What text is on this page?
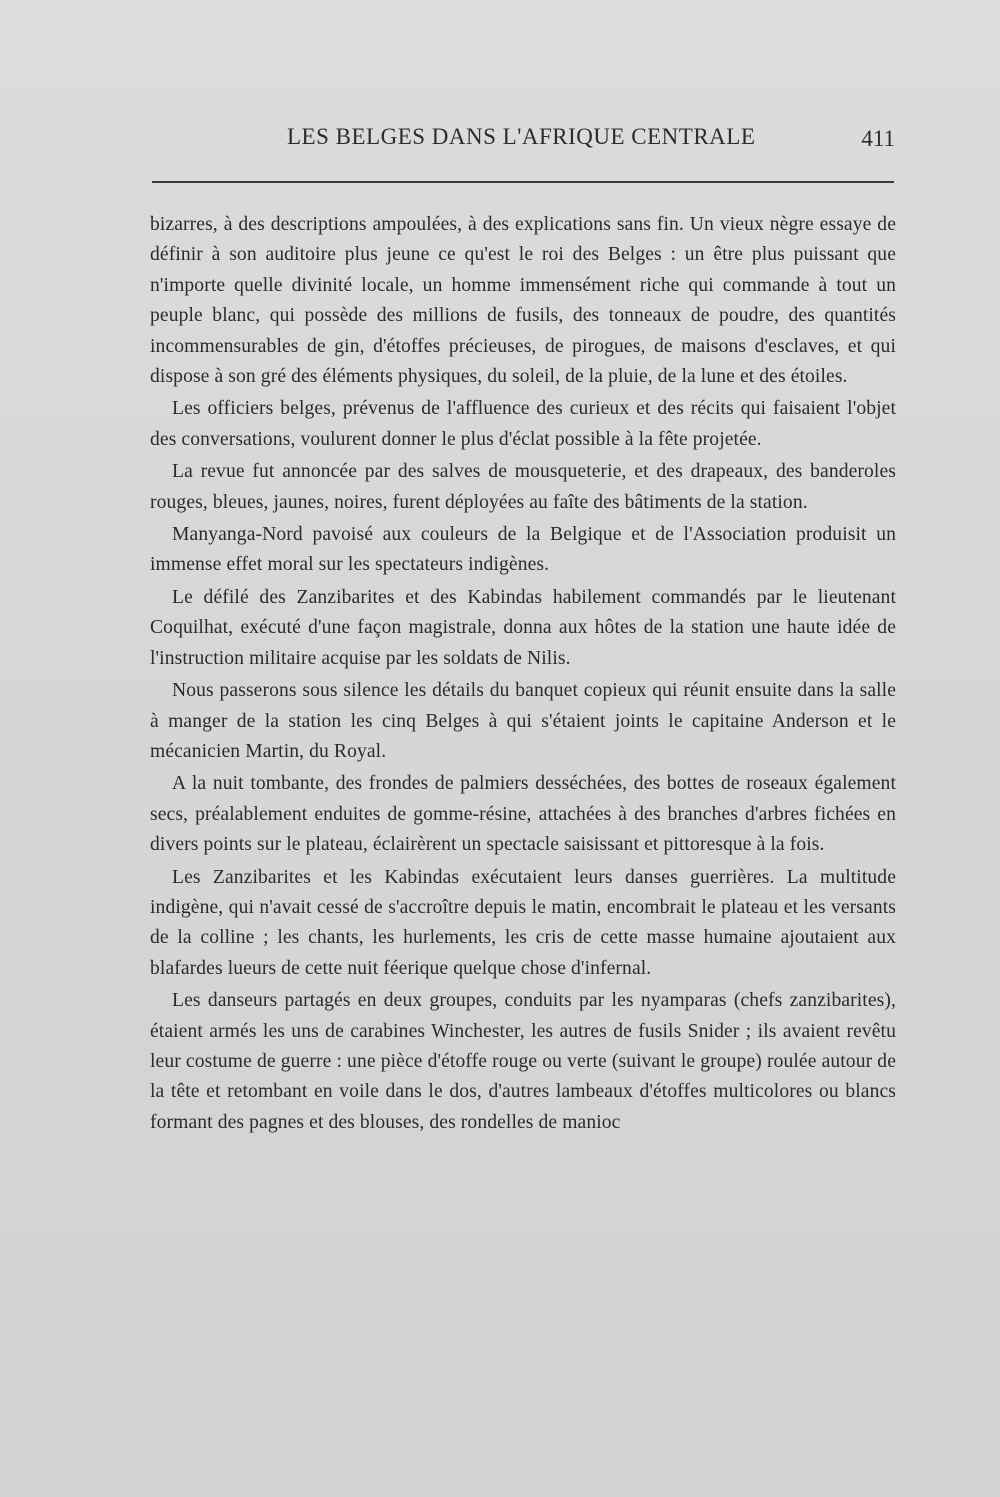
LES BELGES DANS L'AFRIQUE CENTRALE	411

bizarres, à des descriptions ampoulées, à des explications sans fin. Un vieux nègre essaye de définir à son auditoire plus jeune ce qu'est le roi des Belges : un être plus puissant que n'importe quelle divinité locale, un homme immensément riche qui commande à tout un peuple blanc, qui possède des millions de fusils, des tonneaux de poudre, des quantités incommensurables de gin, d'étoffes précieuses, de pirogues, de maisons d'esclaves, et qui dispose à son gré des éléments physiques, du soleil, de la pluie, de la lune et des étoiles.

Les officiers belges, prévenus de l'affluence des curieux et des récits qui faisaient l'objet des conversations, voulurent donner le plus d'éclat possible à la fête projetée.

La revue fut annoncée par des salves de mousqueterie, et des drapeaux, des banderoles rouges, bleues, jaunes, noires, furent déployées au faîte des bâtiments de la station.

Manyanga-Nord pavoisé aux couleurs de la Belgique et de l'Association produisit un immense effet moral sur les spectateurs indigènes.

Le défilé des Zanzibarites et des Kabindas habilement commandés par le lieutenant Coquilhat, exécuté d'une façon magistrale, donna aux hôtes de la station une haute idée de l'instruction militaire acquise par les soldats de Nilis.

Nous passerons sous silence les détails du banquet copieux qui réunit ensuite dans la salle à manger de la station les cinq Belges à qui s'étaient joints le capitaine Anderson et le mécanicien Martin, du Royal.

A la nuit tombante, des frondes de palmiers desséchées, des bottes de roseaux également secs, préalablement enduites de gomme-résine, attachées à des branches d'arbres fichées en divers points sur le plateau, éclairèrent un spectacle saisissant et pittoresque à la fois.

Les Zanzibarites et les Kabindas exécutaient leurs danses guerrières. La multitude indigène, qui n'avait cessé de s'accroître depuis le matin, encombrait le plateau et les versants de la colline ; les chants, les hurlements, les cris de cette masse humaine ajoutaient aux blafardes lueurs de cette nuit féerique quelque chose d'infernal.

Les danseurs partagés en deux groupes, conduits par les nyamparas (chefs zanzibarites), étaient armés les uns de carabines Winchester, les autres de fusils Snider ; ils avaient revêtu leur costume de guerre : une pièce d'étoffe rouge ou verte (suivant le groupe) roulée autour de la tête et retombant en voile dans le dos, d'autres lambeaux d'étoffes multicolores ou blancs formant des pagnes et des blouses, des rondelles de manioc
